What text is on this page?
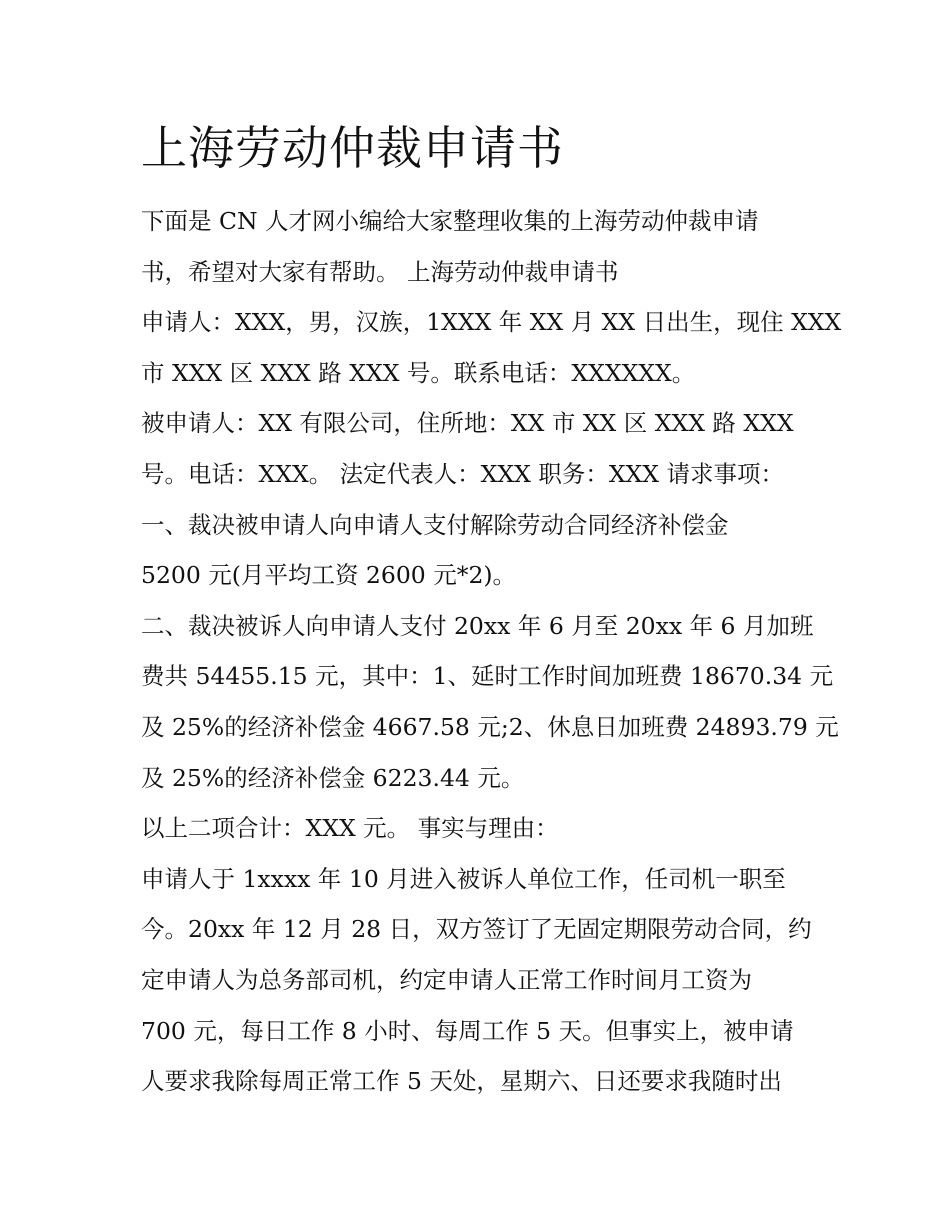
上海劳动仲裁申请书
下面是 CN 人才网小编给大家整理收集的上海劳动仲裁申请
书，希望对大家有帮助。 上海劳动仲裁申请书
申请人：XXX，男，汉族，1XXX 年 XX 月 XX 日出生，现住 XXX
市 XXX 区 XXX 路 XXX 号。联系电话：XXXXXX。
被申请人：XX 有限公司，住所地：XX 市 XX 区 XXX 路 XXX
号。电话：XXX。 法定代表人：XXX 职务：XXX 请求事项：
一、裁决被申请人向申请人支付解除劳动合同经济补偿金
5200 元(月平均工资 2600 元*2)。
二、裁决被诉人向申请人支付 20xx 年 6 月至 20xx 年 6 月加班
费共 54455.15 元，其中：1、延时工作时间加班费 18670.34 元
及 25%的经济补偿金 4667.58 元;2、休息日加班费 24893.79 元
及 25%的经济补偿金 6223.44 元。
以上二项合计：XXX 元。 事实与理由：
申请人于 1xxxx 年 10 月进入被诉人单位工作，任司机一职至
今。20xx 年 12 月 28 日，双方签订了无固定期限劳动合同，约
定申请人为总务部司机，约定申请人正常工作时间月工资为
700 元，每日工作 8 小时、每周工作 5 天。但事实上，被申请
人要求我除每周正常工作 5 天处，星期六、日还要求我随时出
